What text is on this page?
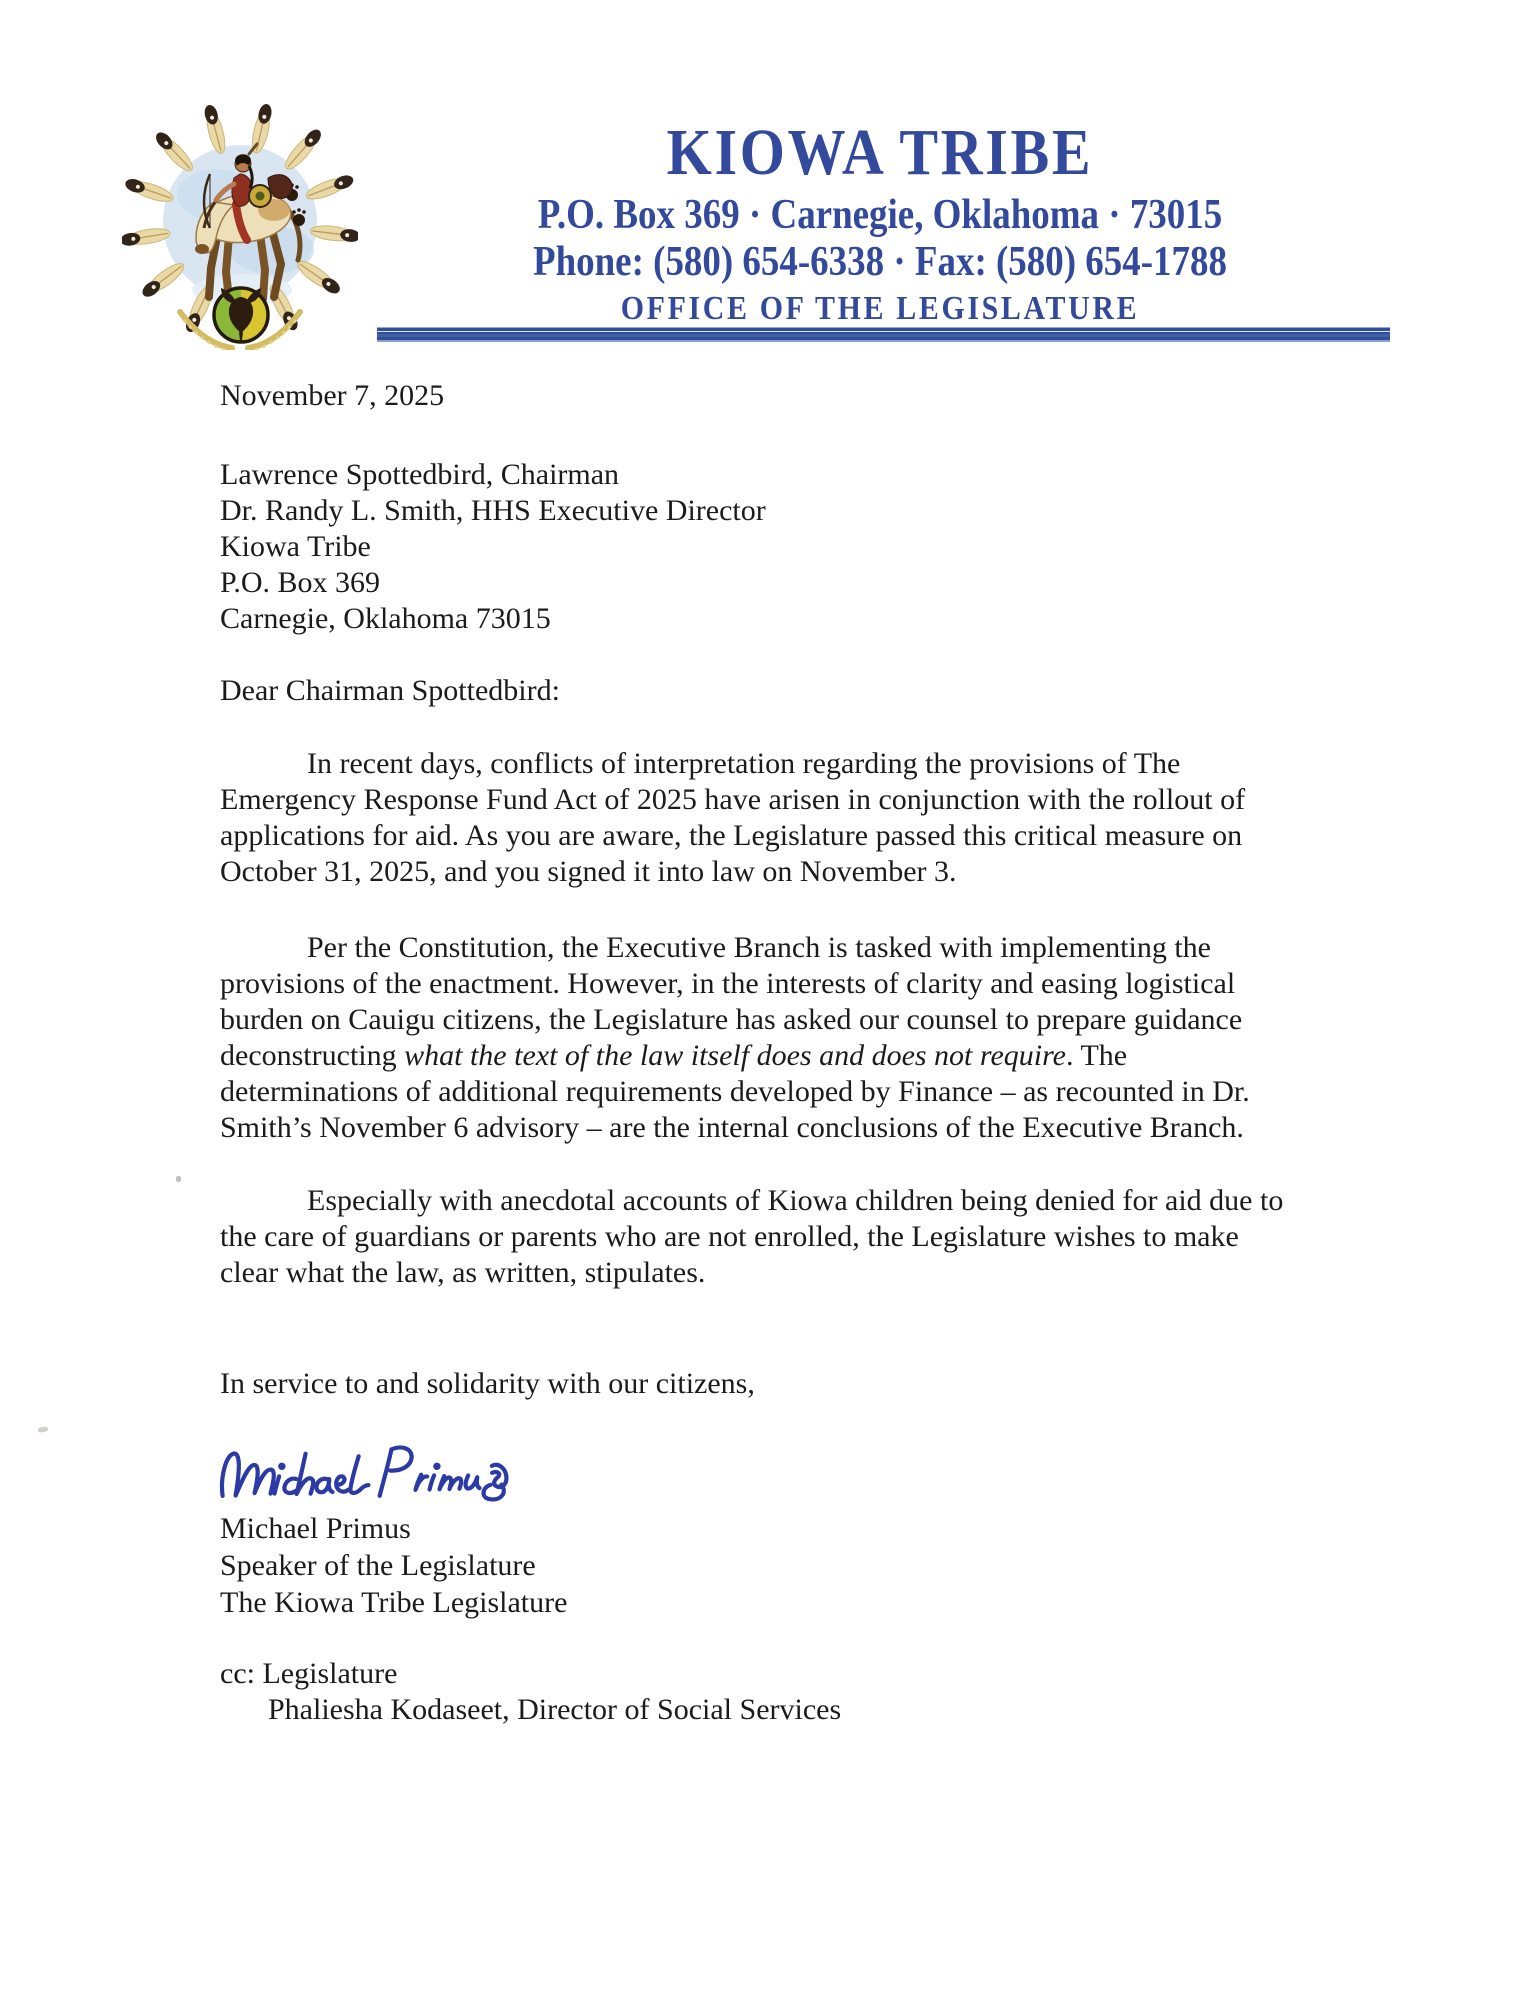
KIOWA TRIBE
P.O. Box 369 · Carnegie, Oklahoma · 73015
Phone: (580) 654-6338 · Fax: (580) 654-1788
OFFICE OF THE LEGISLATURE
November 7, 2025
Lawrence Spottedbird, Chairman
Dr. Randy L. Smith, HHS Executive Director
Kiowa Tribe
P.O. Box 369
Carnegie, Oklahoma 73015
Dear Chairman Spottedbird:
In recent days, conflicts of interpretation regarding the provisions of The
Emergency Response Fund Act of 2025 have arisen in conjunction with the rollout of
applications for aid. As you are aware, the Legislature passed this critical measure on
October 31, 2025, and you signed it into law on November 3.
Per the Constitution, the Executive Branch is tasked with implementing the
provisions of the enactment. However, in the interests of clarity and easing logistical
burden on Cauigu citizens, the Legislature has asked our counsel to prepare guidance
deconstructing what the text of the law itself does and does not require. The
determinations of additional requirements developed by Finance – as recounted in Dr.
Smith’s November 6 advisory – are the internal conclusions of the Executive Branch.
Especially with anecdotal accounts of Kiowa children being denied for aid due to
the care of guardians or parents who are not enrolled, the Legislature wishes to make
clear what the law, as written, stipulates.
In service to and solidarity with our citizens,
Michael Primus
Speaker of the Legislature
The Kiowa Tribe Legislature
cc: Legislature
Phaliesha Kodaseet, Director of Social Services
